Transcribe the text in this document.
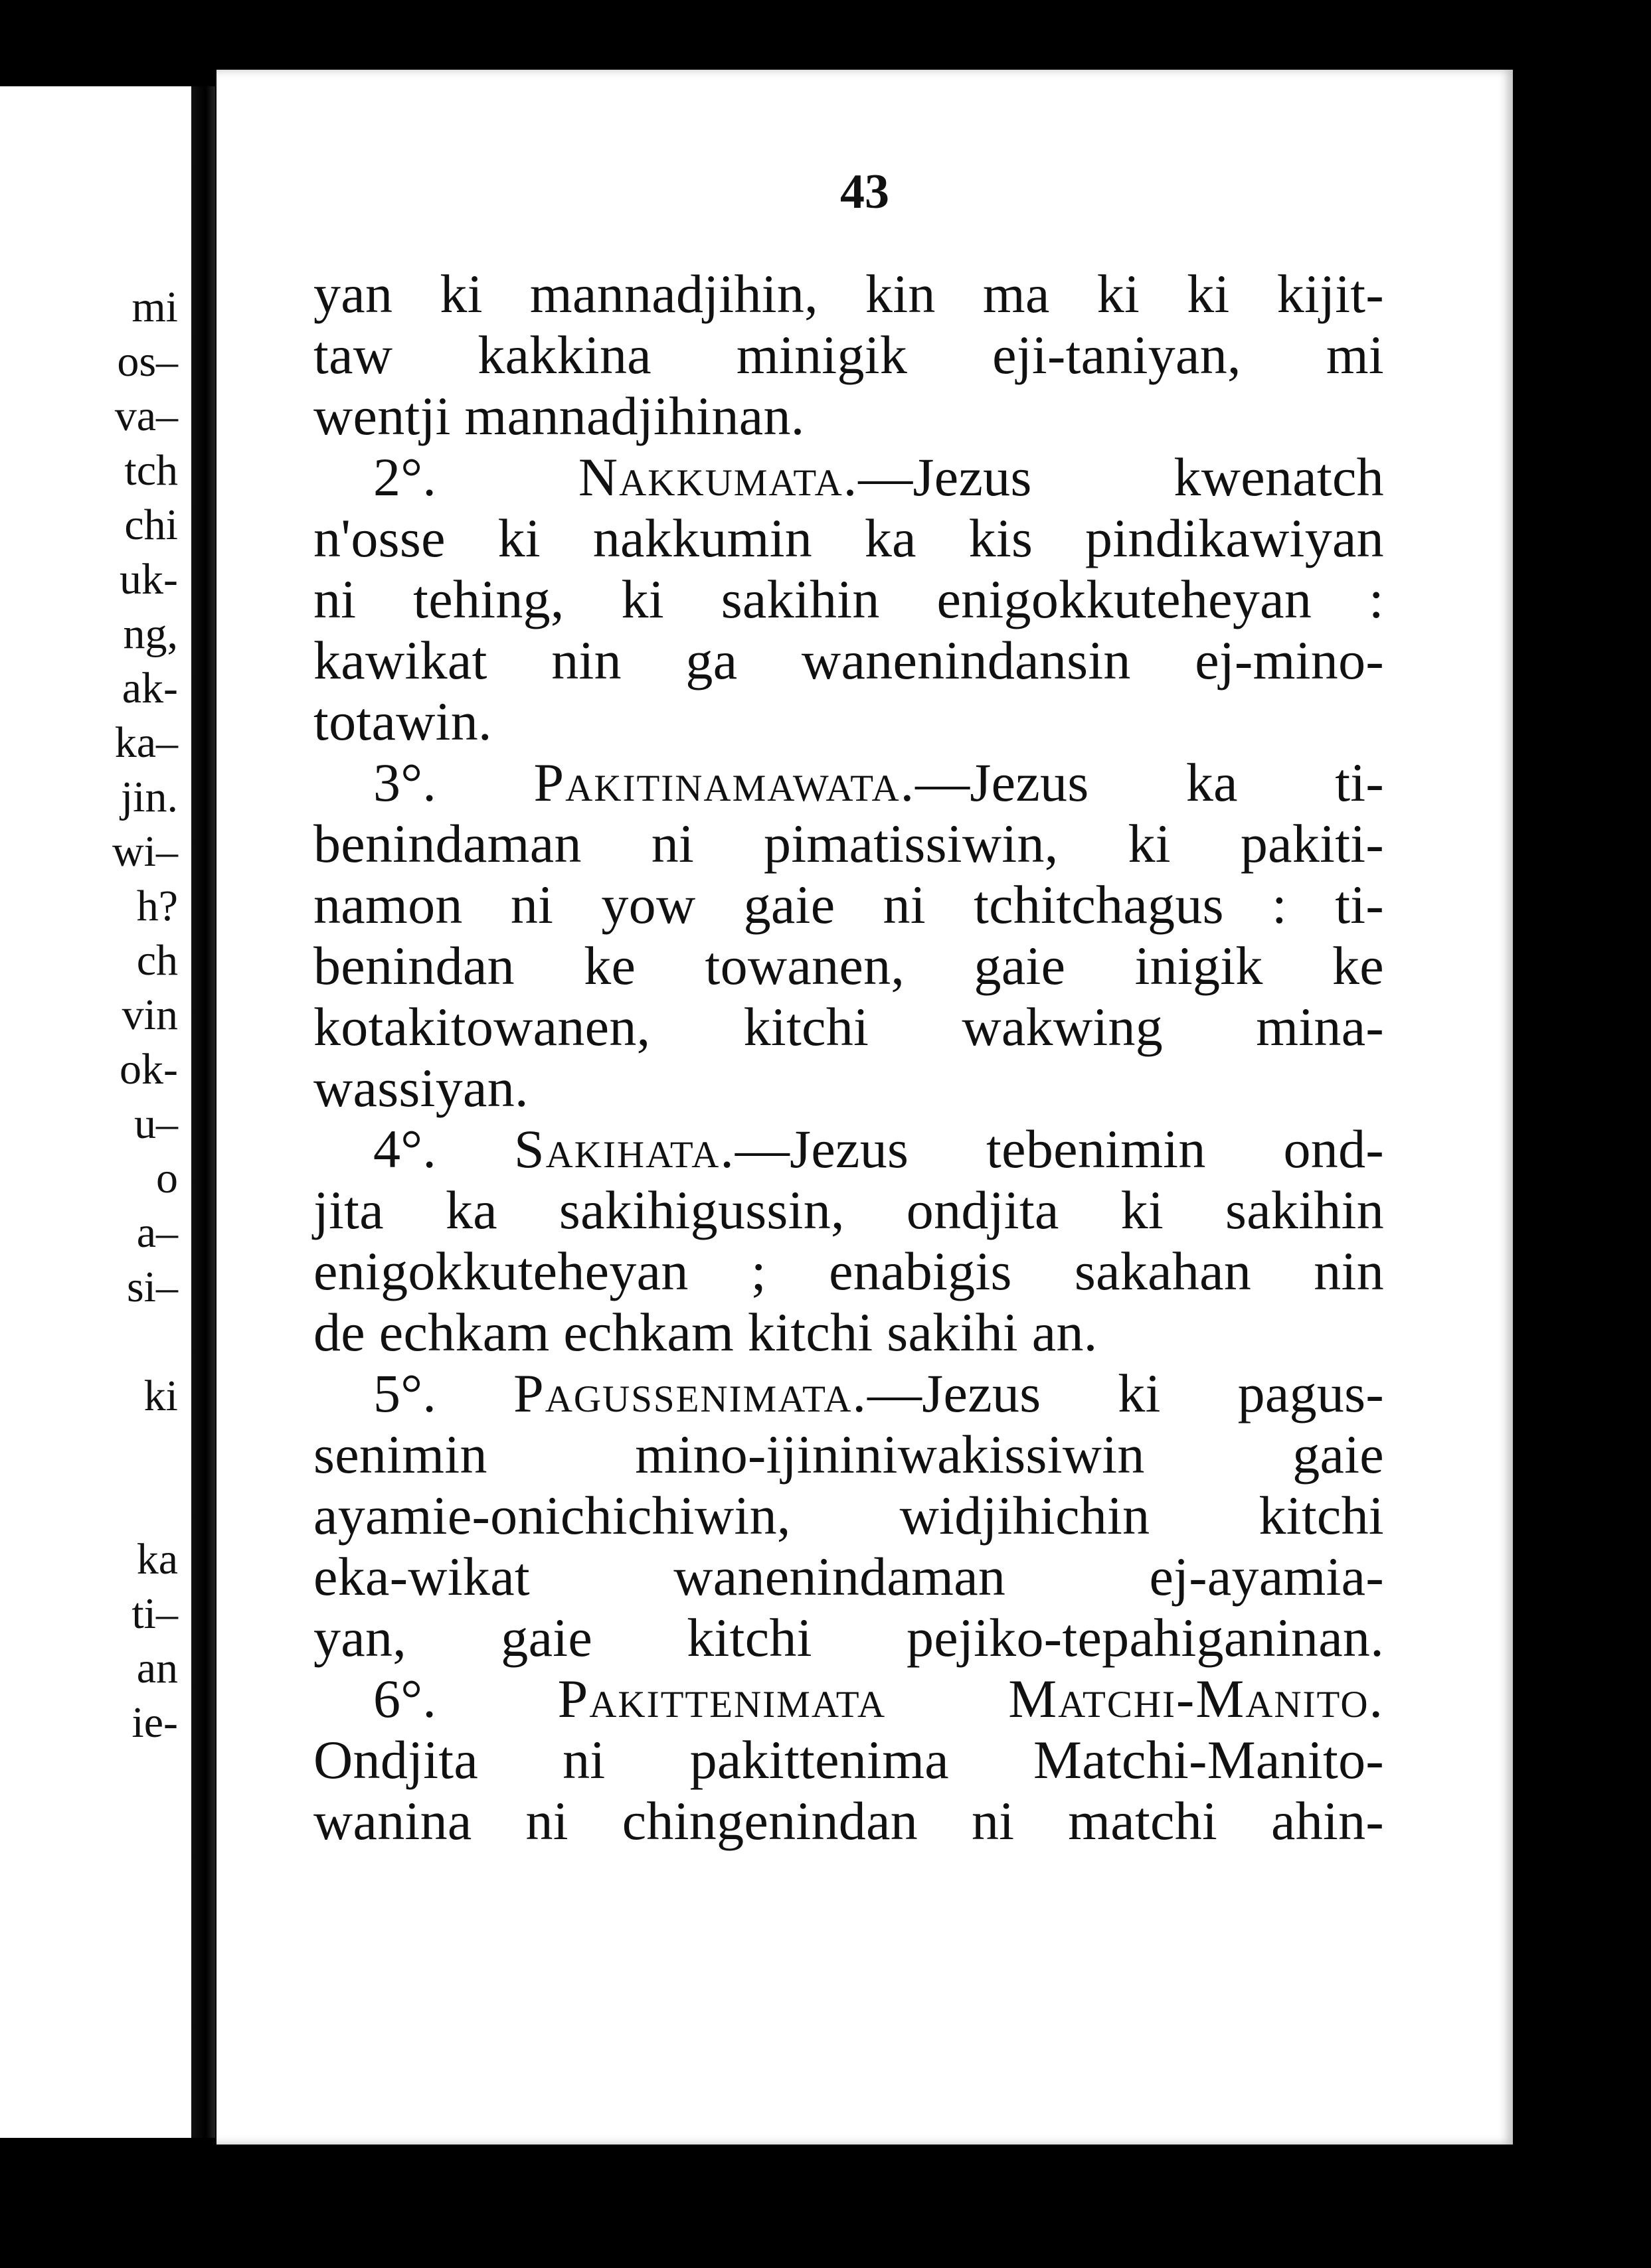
mi
os–
va–
tch
chi
uk-
ng,
ak-
ka–
jin.
wi–
h?
ch
vin
ok-
u–
o
a–
si–
ki
ka
ti–
an
ie-
43
yan ki mannadjihin, kin ma ki ki kijit-
taw kakkina minigik eji-taniyan, mi
wentji mannadjihinan.
2°. Nakkumata.—Jezus kwenatch
n'osse ki nakkumin ka kis pindikawiyan
ni tehing, ki sakihin enigokkuteheyan :
kawikat nin ga wanenindansin ej-mino-
totawin.
3°. Pakitinamawata.—Jezus ka ti-
benindaman ni pimatissiwin, ki pakiti-
namon ni yow gaie ni tchitchagus : ti-
benindan ke towanen, gaie inigik ke
kotakitowanen, kitchi wakwing mina-
wassiyan.
4°. Sakihata.—Jezus tebenimin ond-
jita ka sakihigussin, ondjita ki sakihin
enigokkuteheyan ; enabigis sakahan nin
de echkam echkam kitchi sakihi an.
5°. Pagussenimata.—Jezus ki pagus-
senimin mino-ijininiwakissiwin gaie
ayamie-onichichiwin, widjihichin kitchi
eka-wikat wanenindaman ej-ayamia-
yan, gaie kitchi pejiko-tepahiganinan.
6°. Pakittenimata Matchi-Manito.
Ondjita ni pakittenima Matchi-Manito-
wanina ni chingenindan ni matchi ahin-
